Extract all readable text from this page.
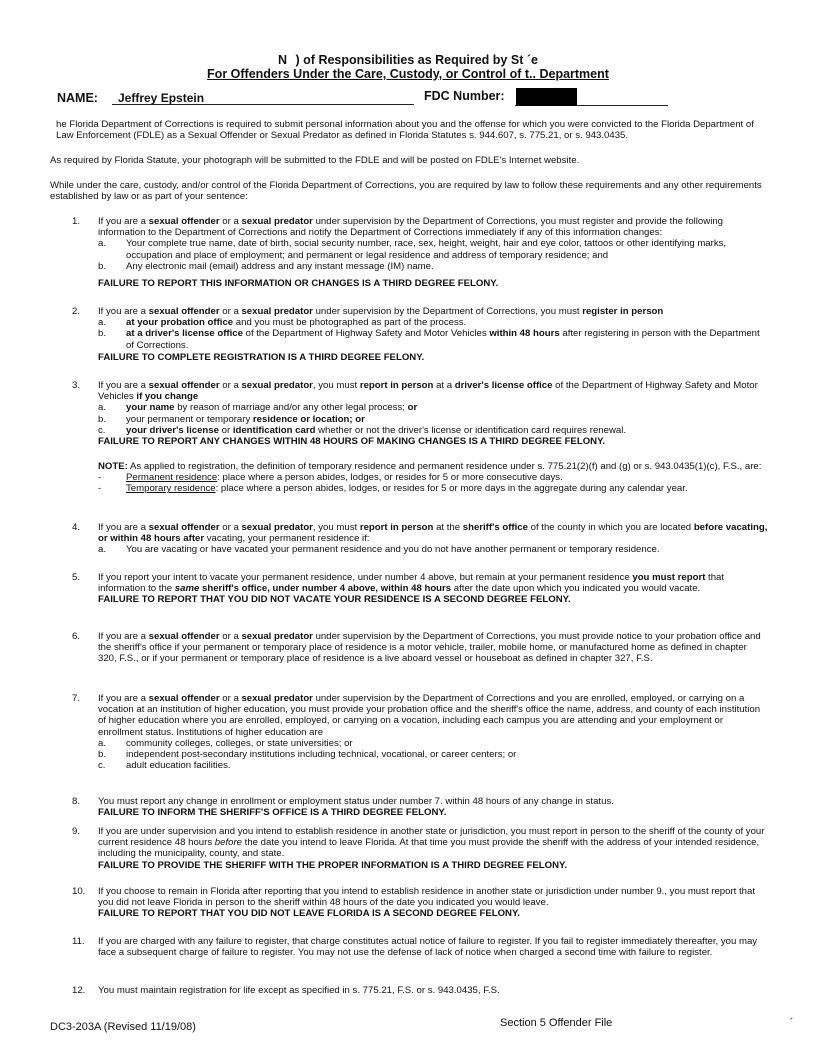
N   ) of Responsibilities as Required by St ´e
For Offenders Under the Care, Custody, or Control of t.. Department
NAME:	Jeffrey Epstein	FDC Number:
he Florida Department of Corrections is required to submit personal information about you and the offense for which you were convicted to the Florida Department of Law Enforcement (FDLE) as a Sexual Offender or Sexual Predator as defined in Florida Statutes s. 944.607, s. 775.21, or s. 943.0435.
As required by Florida Statute, your photograph will be submitted to the FDLE and will be posted on FDLE's Internet website.
While under the care, custody, and/or control of the Florida Department of Corrections, you are required by law to follow these requirements and any other requirements established by law or as part of your sentence:
1.	If you are a sexual offender or a sexual predator under supervision by the Department of Corrections, you must register and provide the following information to the Department of Corrections and notify the Department of Corrections immediately if any of this information changes:
a.	Your complete true name, date of birth, social security number, race, sex, height, weight, hair and eye color, tattoos or other identifying marks, occupation and place of employment; and permanent or legal residence and address of temporary residence; and
b.	Any electronic mail (email) address and any instant message (IM) name.
FAILURE TO REPORT THIS INFORMATION OR CHANGES IS A THIRD DEGREE FELONY.
2.	If you are a sexual offender or a sexual predator under supervision by the Department of Corrections, you must register in person
a.	at your probation office and you must be photographed as part of the process.
b.	at a driver's license office of the Department of Highway Safety and Motor Vehicles within 48 hours after registering in person with the Department of Corrections.
FAILURE TO COMPLETE REGISTRATION IS A THIRD DEGREE FELONY.
3.	If you are a sexual offender or a sexual predator, you must report in person at a driver's license office of the Department of Highway Safety and Motor Vehicles if you change
a.	your name by reason of marriage and/or any other legal process; or
b.	your permanent or temporary residence or location; or
c.	your driver's license or identification card whether or not the driver's license or identification card requires renewal.
FAILURE TO REPORT ANY CHANGES WITHIN 48 HOURS OF MAKING CHANGES IS A THIRD DEGREE FELONY.
NOTE: As applied to registration, the definition of temporary residence and permanent residence under s. 775.21(2)(f) and (g) or s. 943.0435(1)(c), F.S., are:
-	Permanent residence: place where a person abides, lodges, or resides for 5 or more consecutive days.
-	Temporary residence: place where a person abides, lodges, or resides for 5 or more days in the aggregate during any calendar year.
4.	If you are a sexual offender or a sexual predator, you must report in person at the sheriff's office of the county in which you are located before vacating, or within 48 hours after vacating, your permanent residence if:
a.	You are vacating or have vacated your permanent residence and you do not have another permanent or temporary residence.
5.	If you report your intent to vacate your permanent residence, under number 4 above, but remain at your permanent residence you must report that information to the same sheriff's office, under number 4 above, within 48 hours after the date upon which you indicated you would vacate.
FAILURE TO REPORT THAT YOU DID NOT VACATE YOUR RESIDENCE IS A SECOND DEGREE FELONY.
6.	If you are a sexual offender or a sexual predator under supervision by the Department of Corrections, you must provide notice to your probation office and the sheriff's office if your permanent or temporary place of residence is a motor vehicle, trailer, mobile home, or manufactured home as defined in chapter 320, F.S., or if your permanent or temporary place of residence is a live aboard vessel or houseboat as defined in chapter 327, F.S.
7.	If you are a sexual offender or a sexual predator under supervision by the Department of Corrections and you are enrolled, employed, or carrying on a vocation at an institution of higher education, you must provide your probation office and the sheriff's office the name, address, and county of each institution of higher education where you are enrolled, employed, or carrying on a vocation, including each campus you are attending and your employment or enrollment status. Institutions of higher education are
a.	community colleges, colleges, or state universities; or
b.	independent post-secondary institutions including technical, vocational, or career centers; or
c.	adult education facilities.
8.	You must report any change in enrollment or employment status under number 7. within 48 hours of any change in status.
FAILURE TO INFORM THE SHERIFF'S OFFICE IS A THIRD DEGREE FELONY.
9.	If you are under supervision and you intend to establish residence in another state or jurisdiction, you must report in person to the sheriff of the county of your current residence 48 hours before the date you intend to leave Florida. At that time you must provide the sheriff with the address of your intended residence, including the municipality, county, and state.
FAILURE TO PROVIDE THE SHERIFF WITH THE PROPER INFORMATION IS A THIRD DEGREE FELONY.
10.	If you choose to remain in Florida after reporting that you intend to establish residence in another state or jurisdiction under number 9., you must report that you did not leave Florida in person to the sheriff within 48 hours of the date you indicated you would leave.
FAILURE TO REPORT THAT YOU DID NOT LEAVE FLORIDA IS A SECOND DEGREE FELONY.
11.	If you are charged with any failure to register, that charge constitutes actual notice of failure to register. If you fail to register immediately thereafter, you may face a subsequent charge of failure to register. You may not use the defense of lack of notice when charged a second time with failure to register.
12.	You must maintain registration for life except as specified in s. 775.21, F.S. or s. 943.0435, F.S.
DC3-203A (Revised 11/19/08)	Section 5 Offender File	´
